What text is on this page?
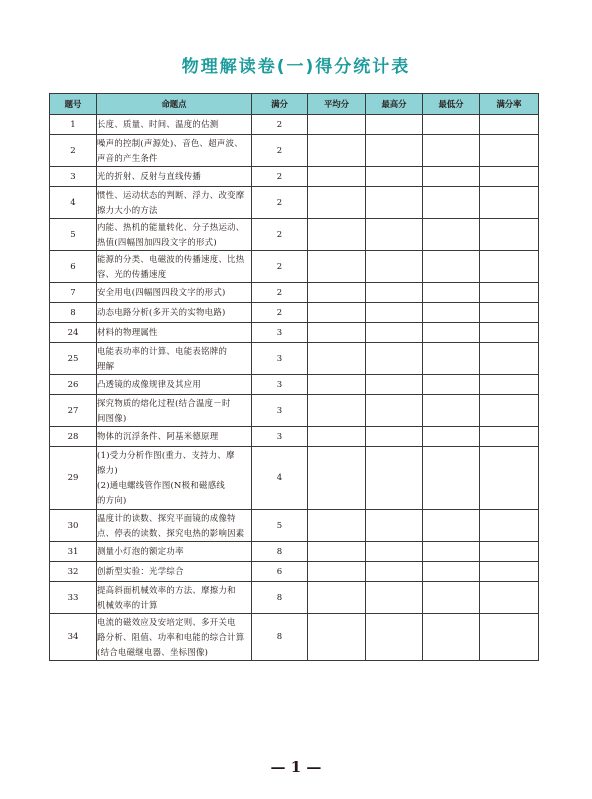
物理解读卷(一)得分统计表
题号	命题点	满分	平均分	最高分	最低分	满分率
1	长度、质量、时间、温度的估测	2				
2	噪声的控制(声源处)、音色、超声波、
声音的产生条件	2				
3	光的折射、反射与直线传播	2				
4	惯性、运动状态的判断、浮力、改变摩
擦力大小的方法	2				
5	内能、热机的能量转化、分子热运动、
热值(四幅图加四段文字的形式)	2				
6	能源的分类、电磁波的传播速度、比热
容、光的传播速度	2				
7	安全用电(四幅图四段文字的形式)	2				
8	动态电路分析(多开关的实物电路)	2				
24	材料的物理属性	3				
25	电能表功率的计算、电能表铭牌的
理解	3				
26	凸透镜的成像规律及其应用	3				
27	探究物质的熔化过程(结合温度－时
间图像)	3				
28	物体的沉浮条件、阿基米德原理	3				
29	(1)受力分析作图(重力、支持力、摩
擦力)
(2)通电螺线管作图(N极和磁感线
的方向)	4				
30	温度计的读数、探究平面镜的成像特
点、停表的读数、探究电热的影响因素	5				
31	测量小灯泡的额定功率	8				
32	创新型实验：光学综合	6				
33	提高斜面机械效率的方法、摩擦力和
机械效率的计算	8				
34	电流的磁效应及安培定则、多开关电
路分析、阻值、功率和电能的综合计算
(结合电磁继电器、坐标图像)	8				
— 1 —
